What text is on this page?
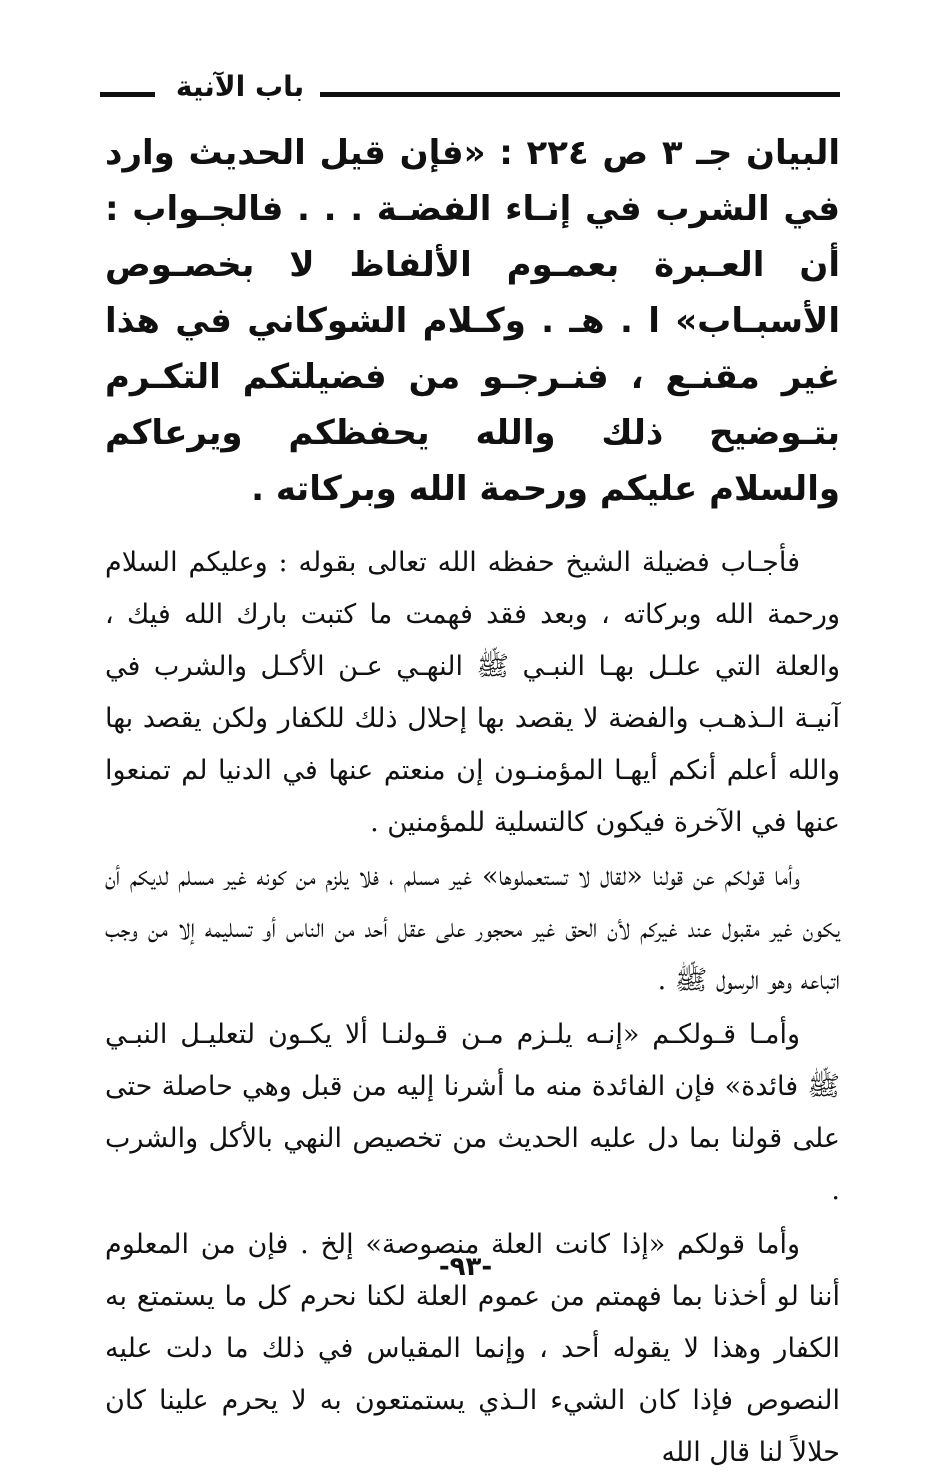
باب الآنية

البيان جـ ٣ ص ٢٢٤ : «فإن قيل الحديث وارد في الشرب في إنـاء الفضـة . . . فالجـواب : أن العـبرة بعمـوم الألفاظ لا بخصـوص الأسبـاب» ا . هـ . وكـلام الشوكاني في هذا غير مقنـع ، فنـرجـو من فضيلتكم التكـرم بتـوضيح ذلك والله يحفظكم ويرعاكم والسلام عليكم ورحمة الله وبركاته .

فأجـاب فضيلة الشيخ حفظه الله تعالى بقوله : وعليكم السلام ورحمة الله وبركاته ، وبعد فقد فهمت ما كتبت بارك الله فيك ، والعلة التي علـل بهـا النبـي ﷺ النهـي عـن الأكـل والشرب في آنيـة الـذهـب والفضة لا يقصد بها إحلال ذلك للكفار ولكن يقصد بها والله أعلم أنكم أيهـا المؤمنـون إن منعتم عنها في الدنيا لم تمنعوا عنها في الآخرة فيكون كالتسلية للمؤمنين .

وأما قولكم عن قولنا «لقال لا تستعملوها» غير مسلم ، فلا يلزم من كونه غير مسلم لديكم أن يكون غير مقبول عند غيركم لأن الحق غير محجور على عقل أحد من الناس أو تسليمه إلا من وجب اتباعه وهو الرسول ﷺ .

وأمـا قـولكـم «إنـه يلـزم مـن قـولنـا ألا يكـون لتعليـل النبـي ﷺ فائدة» فإن الفائدة منه ما أشرنا إليه من قبل وهي حاصلة حتى على قولنا بما دل عليه الحديث من تخصيص النهي بالأكل والشرب .

وأما قولكم «إذا كانت العلة منصوصة» إلخ . فإن من المعلوم أننا لو أخذنا بما فهمتم من عموم العلة لكنا نحرم كل ما يستمتع به الكفار وهذا لا يقوله أحد ، وإنما المقياس في ذلك ما دلت عليه النصوص فإذا كان الشيء الـذي يستمتعون به لا يحرم علينا كان حلالاً لنا قال الله

-٩٣-
